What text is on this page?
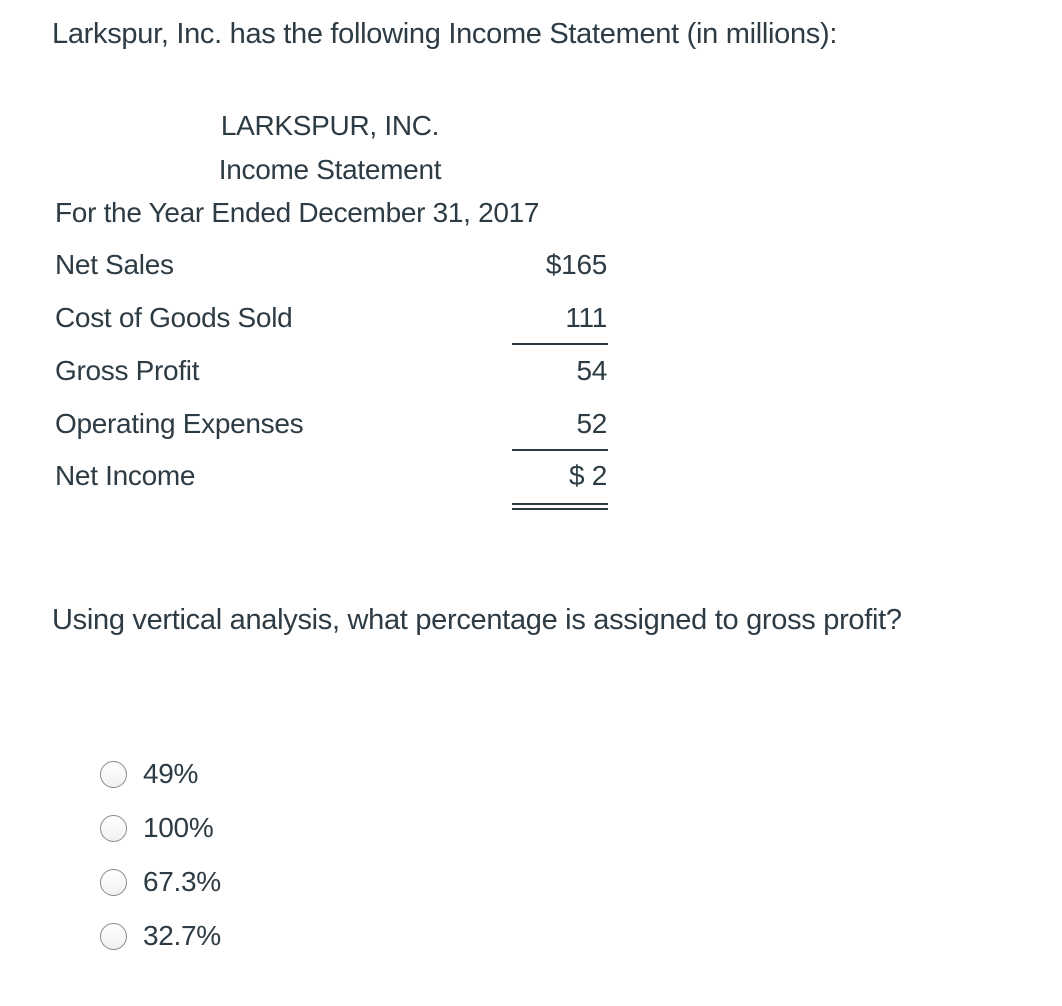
Larkspur, Inc. has the following Income Statement (in millions):
LARKSPUR, INC.
Income Statement
For the Year Ended December 31, 2017
Net Sales	$165
Cost of Goods Sold	111
Gross Profit	54
Operating Expenses	52
Net Income	$ 2
Using vertical analysis, what percentage is assigned to gross profit?
49%
100%
67.3%
32.7%
